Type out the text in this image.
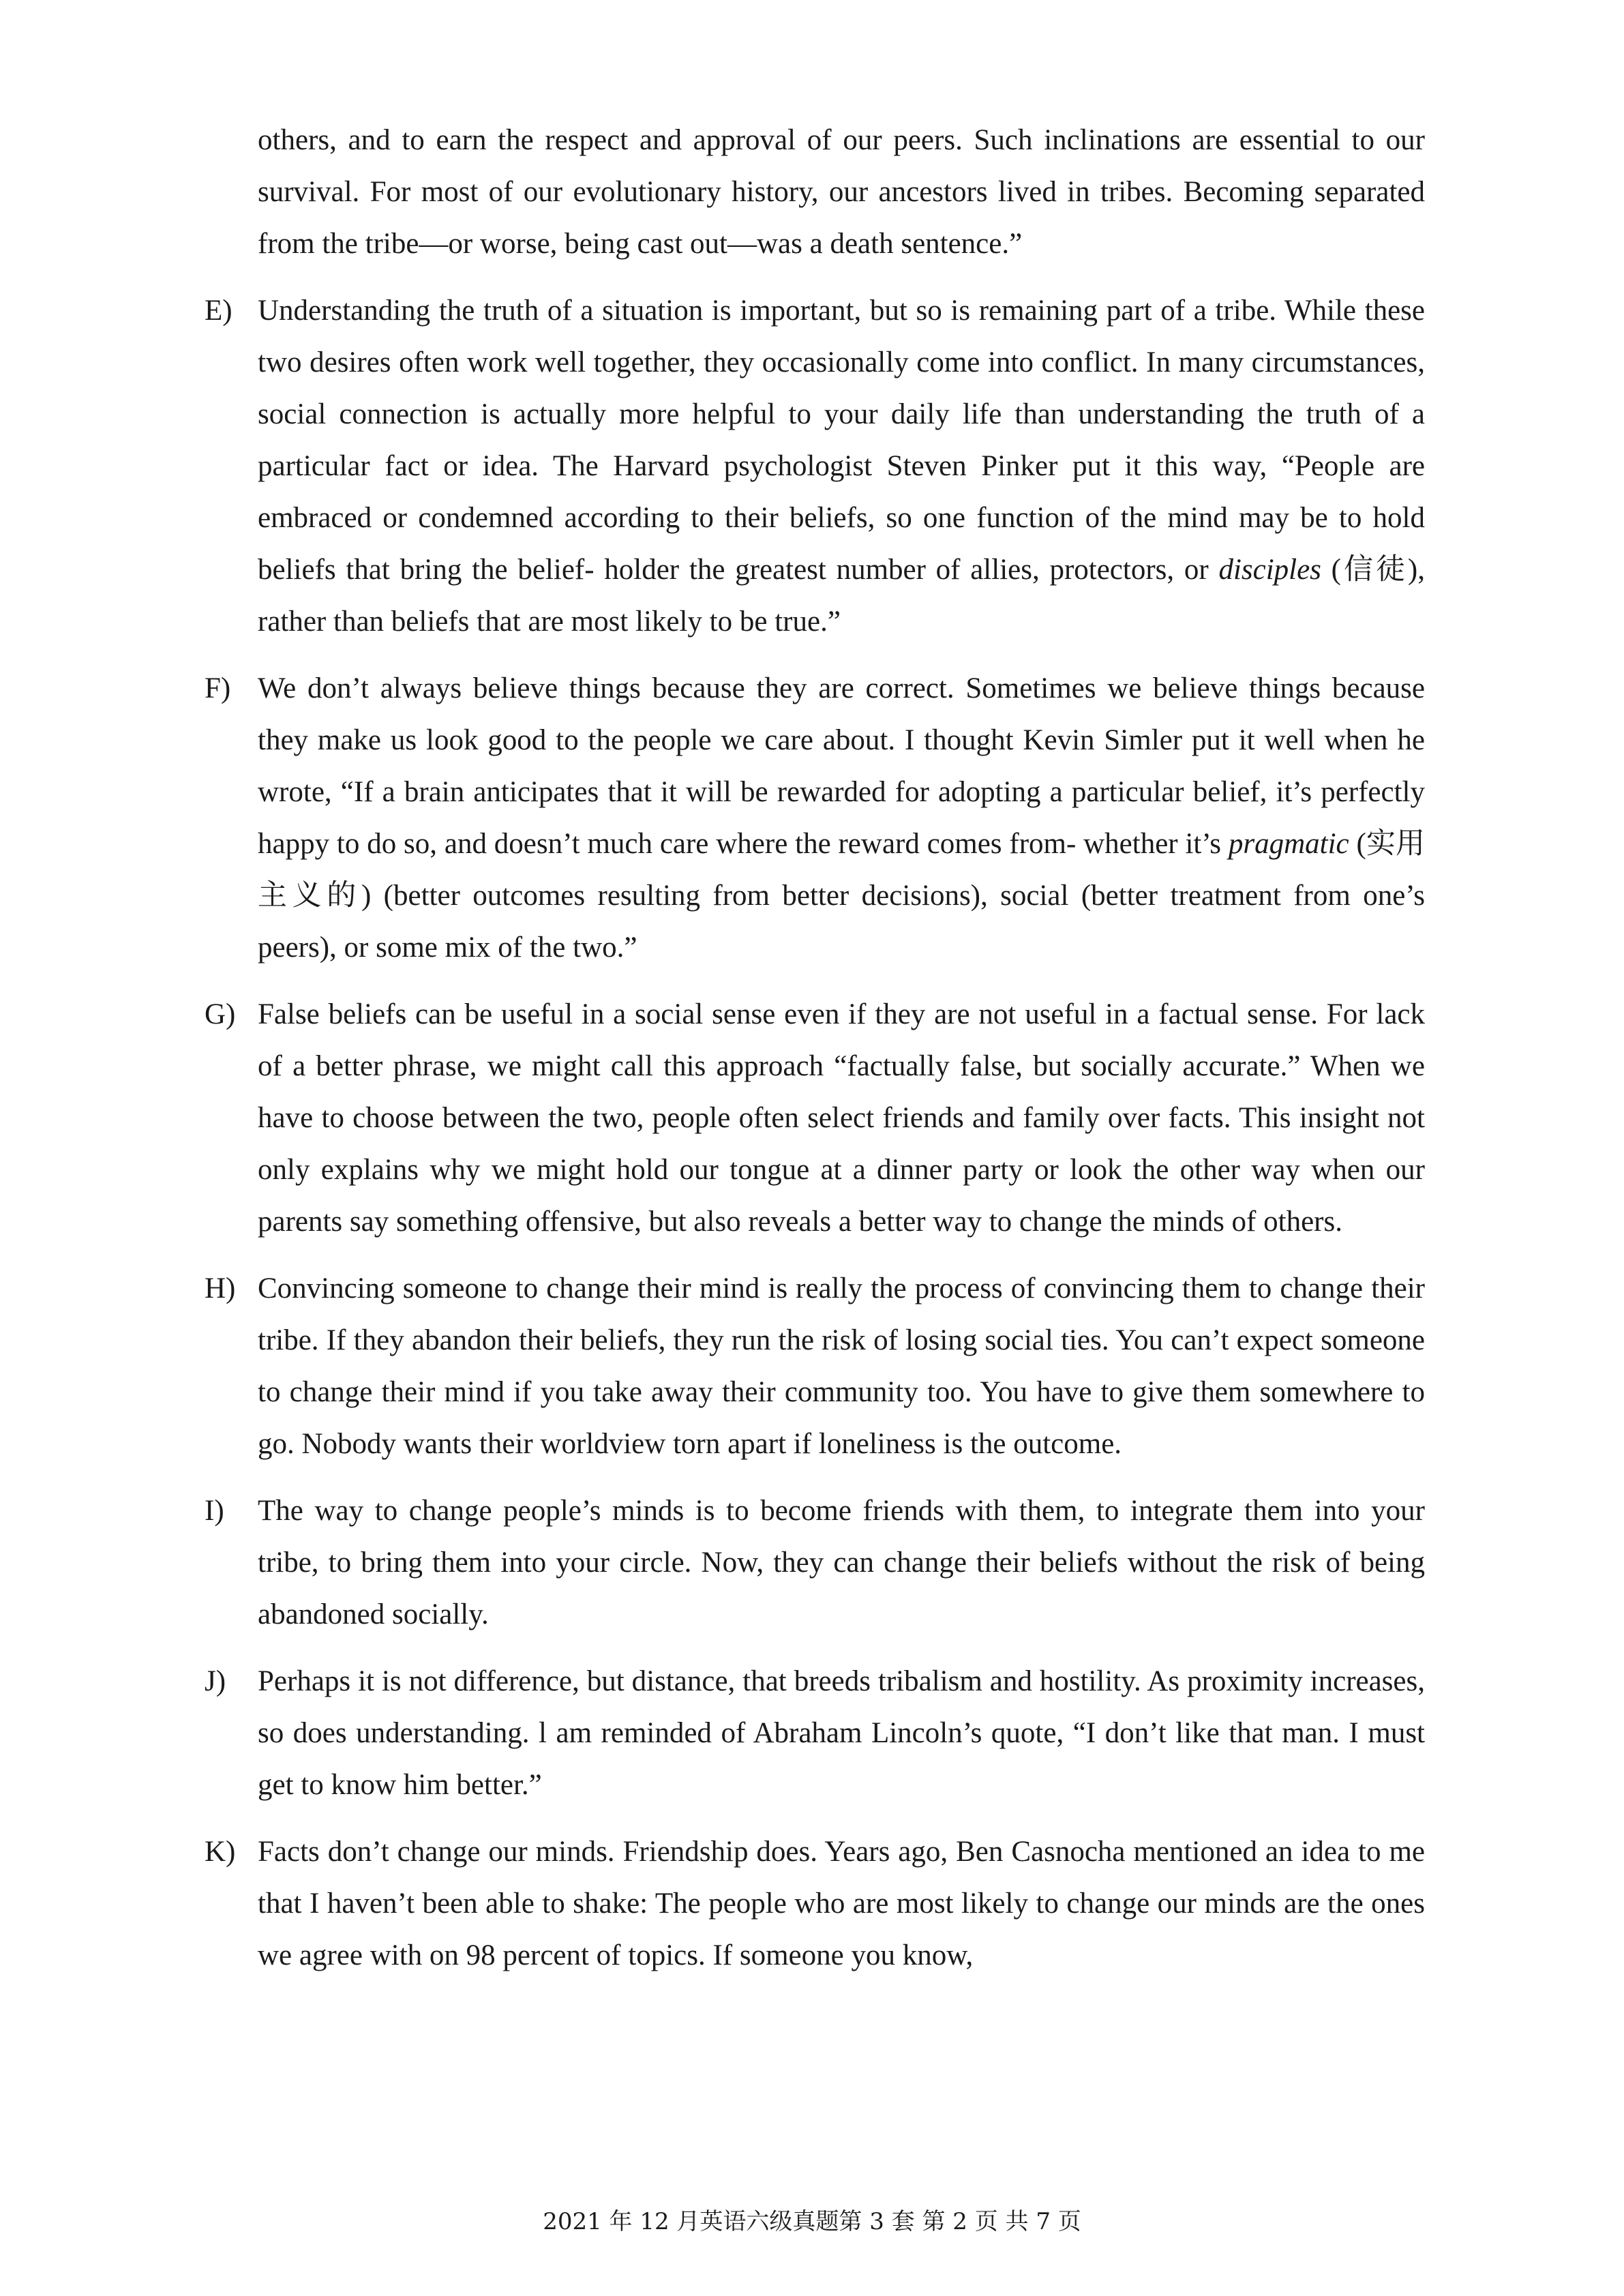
others, and to earn the respect and approval of our peers. Such inclinations are essential to our survival. For most of our evolutionary history, our ancestors lived in tribes. Becoming separated from the tribe—or worse, being cast out—was a death sentence.”
E) Understanding the truth of a situation is important, but so is remaining part of a tribe. While these two desires often work well together, they occasionally come into conflict. In many circumstances, social connection is actually more helpful to your daily life than understanding the truth of a particular fact or idea. The Harvard psychologist Steven Pinker put it this way, “People are embraced or condemned according to their beliefs, so one function of the mind may be to hold beliefs that bring the belief- holder the greatest number of allies, protectors, or disciples (信徒), rather than beliefs that are most likely to be true.”
F) We don’t always believe things because they are correct. Sometimes we believe things because they make us look good to the people we care about. I thought Kevin Simler put it well when he wrote, “If a brain anticipates that it will be rewarded for adopting a particular belief, it’s perfectly happy to do so, and doesn’t much care where the reward comes from- whether it’s pragmatic (实用主义的) (better outcomes resulting from better decisions), social (better treatment from one’s peers), or some mix of the two.”
G) False beliefs can be useful in a social sense even if they are not useful in a factual sense. For lack of a better phrase, we might call this approach “factually false, but socially accurate.” When we have to choose between the two, people often select friends and family over facts. This insight not only explains why we might hold our tongue at a dinner party or look the other way when our parents say something offensive, but also reveals a better way to change the minds of others.
H) Convincing someone to change their mind is really the process of convincing them to change their tribe. If they abandon their beliefs, they run the risk of losing social ties. You can’t expect someone to change their mind if you take away their community too. You have to give them somewhere to go. Nobody wants their worldview torn apart if loneliness is the outcome.
I)	The way to change people’s minds is to become friends with them, to integrate them into your tribe, to bring them into your circle. Now, they can change their beliefs without the risk of being abandoned socially.
J)	Perhaps it is not difference, but distance, that breeds tribalism and hostility. As proximity increases, so does understanding. l am reminded of Abraham Lincoln’s quote, “I don’t like that man. I must get to know him better.”
K) Facts don’t change our minds. Friendship does. Years ago, Ben Casnocha mentioned an idea to me that I haven’t been able to shake: The people who are most likely to change our minds are the ones we agree with on 98 percent of topics. If someone you know,
2021 年 12 月英语六级真题第 3 套 第 2 页 共 7 页
